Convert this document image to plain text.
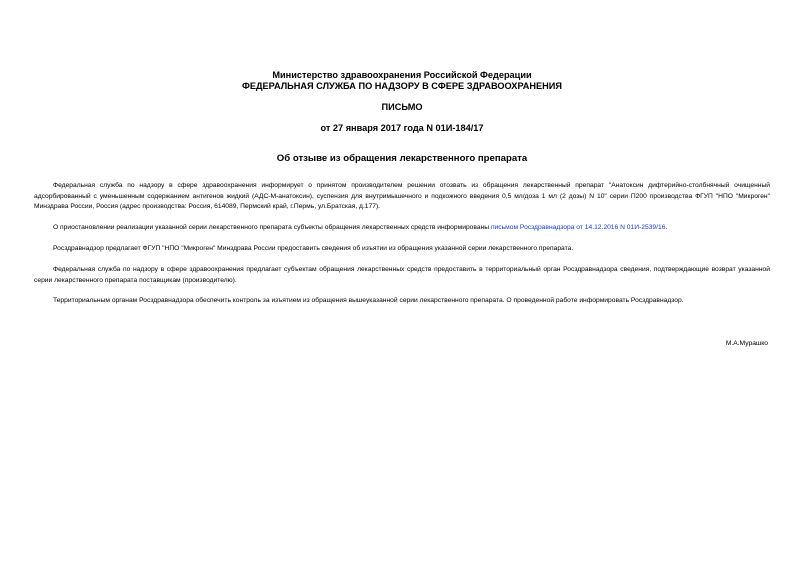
Министерство здравоохранения Российской Федерации
ФЕДЕРАЛЬНАЯ СЛУЖБА ПО НАДЗОРУ В СФЕРЕ ЗДРАВООХРАНЕНИЯ
ПИСЬМО
от 27 января 2017 года N 01И-184/17
Об отзыве из обращения лекарственного препарата

Федеральная служба по надзору в сфере здравоохранения информирует о принятом производителем решении отозвать из обращения лекарственный препарат "Анатоксин дифтерийно-столбнячный очищенный адсорбированный с уменьшенным содержанием антигенов жидкий (АДС-М-анатоксин), суспензия для внутримышечного и подкожного введения 0,5 мл/доза 1 мл (2 дозы) N 10" серии П200 производства ФГУП "НПО "Микроген" Минздрава России, Россия (адрес производства: Россия, 614089, Пермский край, г.Пермь, ул.Братская, д.177).

О приостановлении реализации указанной серии лекарственного препарата субъекты обращения лекарственных средств информированы письмом Росздравнадзора от 14.12.2016 N 01И-2539/16.

Росздравнадзор предлагает ФГУП "НПО "Микроген" Минздрава России предоставить сведения об изъятии из обращения указанной серии лекарственного препарата.

Федеральная служба по надзору в сфере здравоохранения предлагает субъектам обращения лекарственных средств предоставить в территориальный орган Росздравнадзора сведения, подтверждающие возврат указанной серии лекарственного препарата поставщикам (производителю).

Территориальным органам Росздравнадзора обеспечить контроль за изъятием из обращения вышеуказанной серии лекарственного препарата. О проведенной работе информировать Росздравнадзор.

М.А.Мурашко
